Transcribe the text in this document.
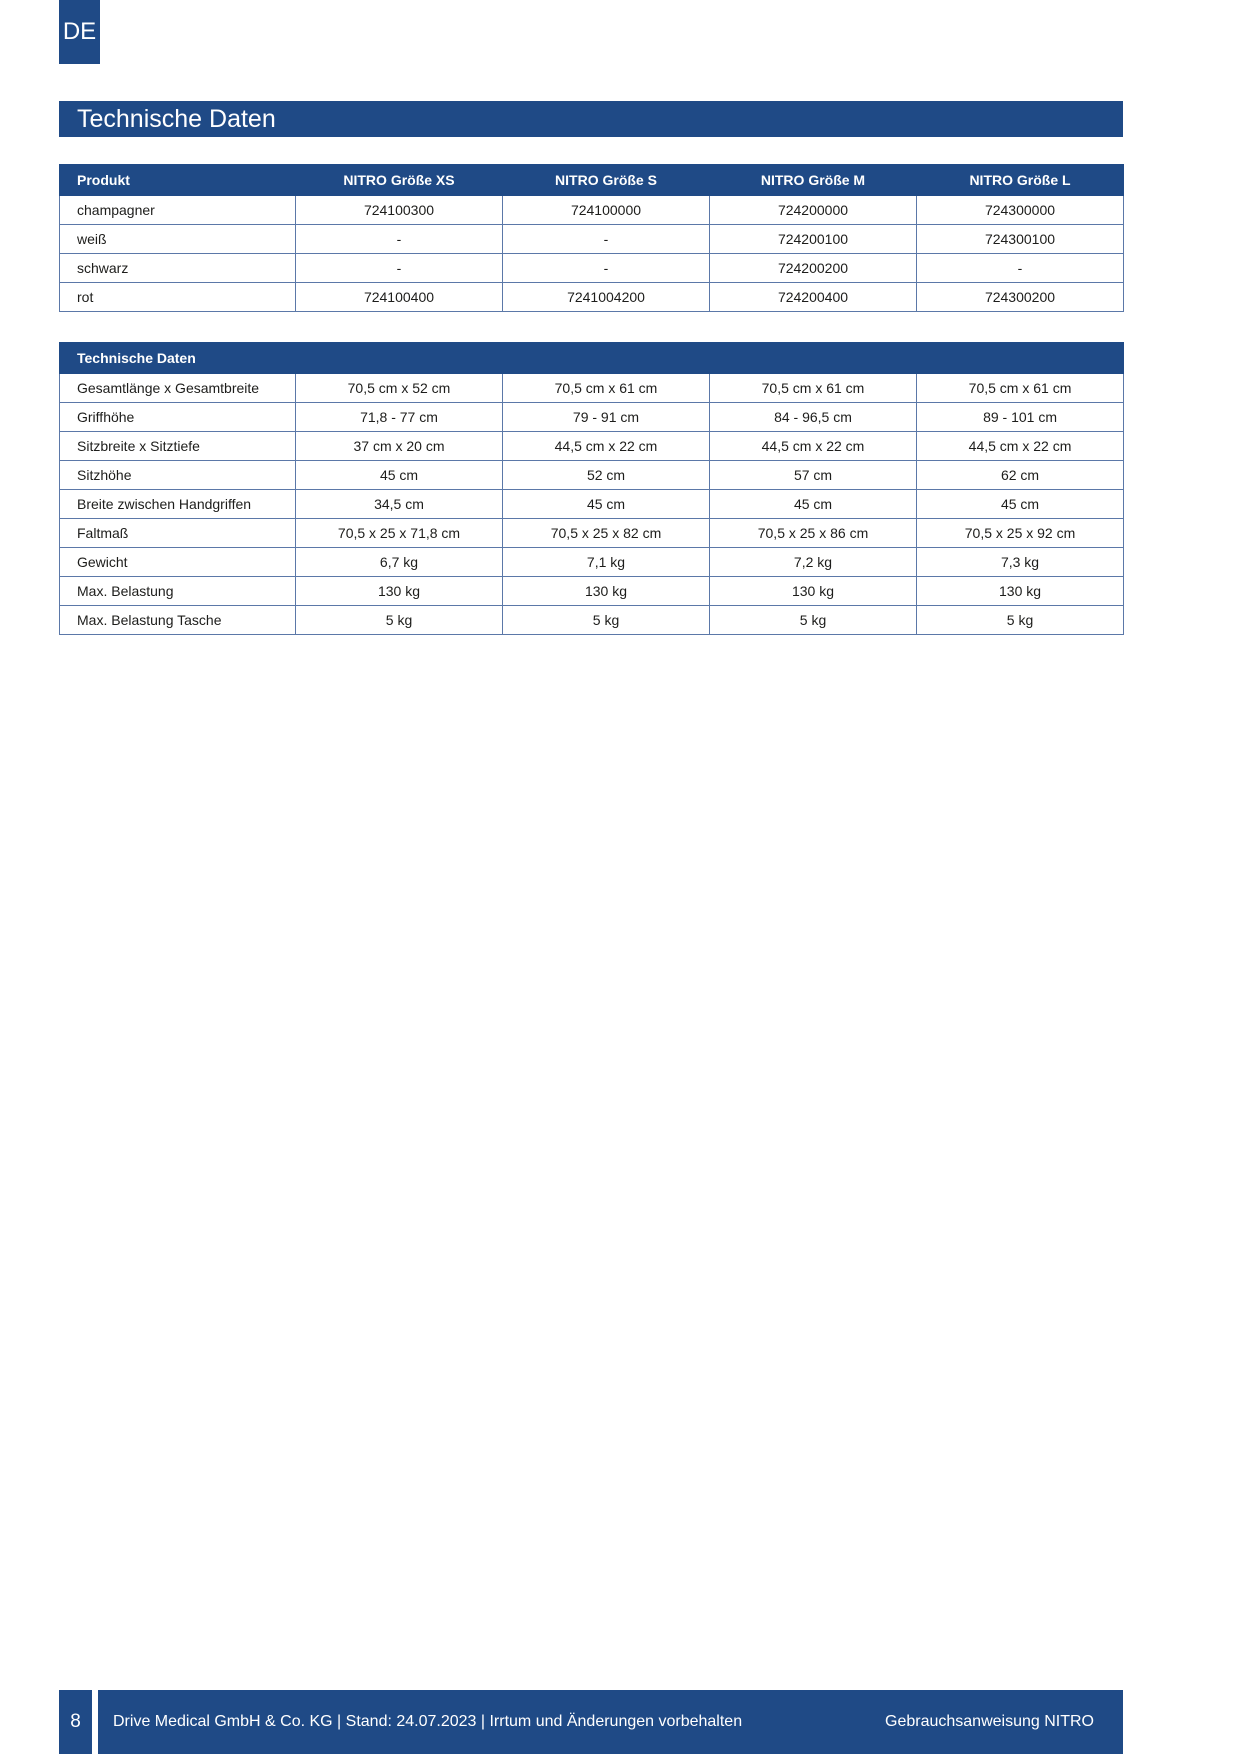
DE
Technische Daten
Produkt	NITRO Größe XS	NITRO Größe S	NITRO Größe M	NITRO Größe L
champagner	724100300	724100000	724200000	724300000
weiß	-	-	724200100	724300100
schwarz	-	-	724200200	-
rot	724100400	7241004200	724200400	724300200
Technische Daten				
Gesamtlänge x Gesamtbreite	70,5 cm x 52 cm	70,5 cm x 61 cm	70,5 cm x 61 cm	70,5 cm x 61 cm
Griffhöhe	71,8 - 77 cm	79 - 91 cm	84 - 96,5 cm	89 - 101 cm
Sitzbreite x Sitztiefe	37 cm x 20 cm	44,5 cm x 22 cm	44,5 cm x 22 cm	44,5 cm x 22 cm
Sitzhöhe	45 cm	52 cm	57 cm	62 cm
Breite zwischen Handgriffen	34,5 cm	45 cm	45 cm	45 cm
Faltmaß	70,5 x 25 x 71,8 cm	70,5 x 25 x 82 cm	70,5 x 25 x 86 cm	70,5 x 25 x 92 cm
Gewicht	6,7 kg	7,1 kg	7,2 kg	7,3 kg
Max. Belastung	130 kg	130 kg	130 kg	130 kg
Max. Belastung Tasche	5 kg	5 kg	5 kg	5 kg
8	Drive Medical GmbH & Co. KG | Stand: 24.07.2023 | Irrtum und Änderungen vorbehalten	Gebrauchsanweisung NITRO
